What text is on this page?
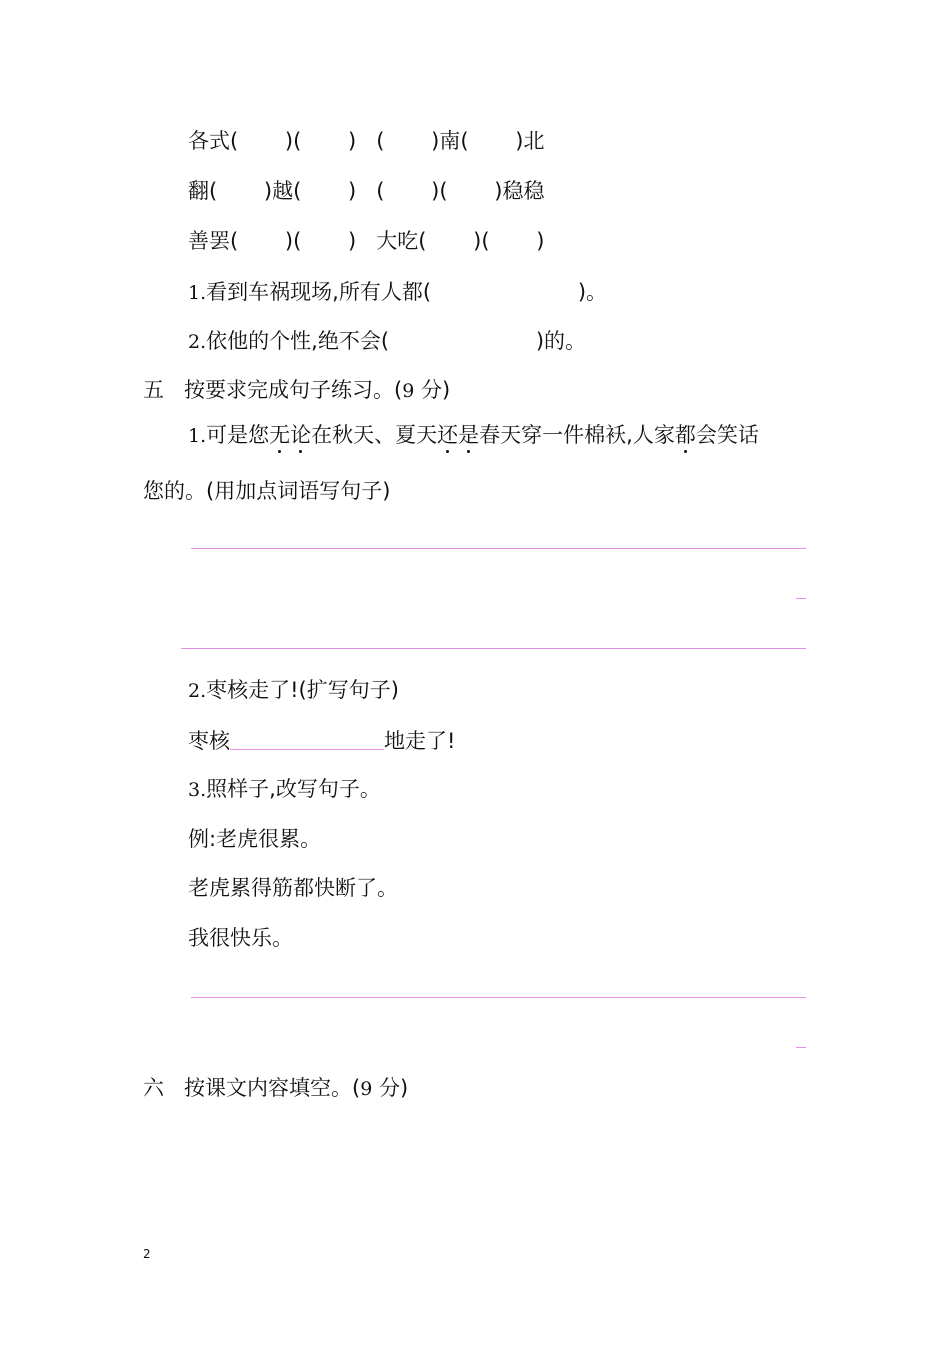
各式(       )(       )   (       )南(       )北
翻(       )越(       )   (       )(       )稳稳
善罢(       )(       )   大吃(       )(       )
1.看到车祸现场,所有人都(                      )。
2.依他的个性,绝不会(                      )的。
五 按要求完成句子练习。(9 分)
1.可是您无论在秋天、夏天还是春天穿一件棉袄,人家都会笑话
您的。(用加点词语写句子)
2.枣核走了!(扩写句子)
枣核	地走了!
3.照样子,改写句子。
例:老虎很累。
老虎累得筋都快断了。
我很快乐。
六 按课文内容填空。(9 分)
2
